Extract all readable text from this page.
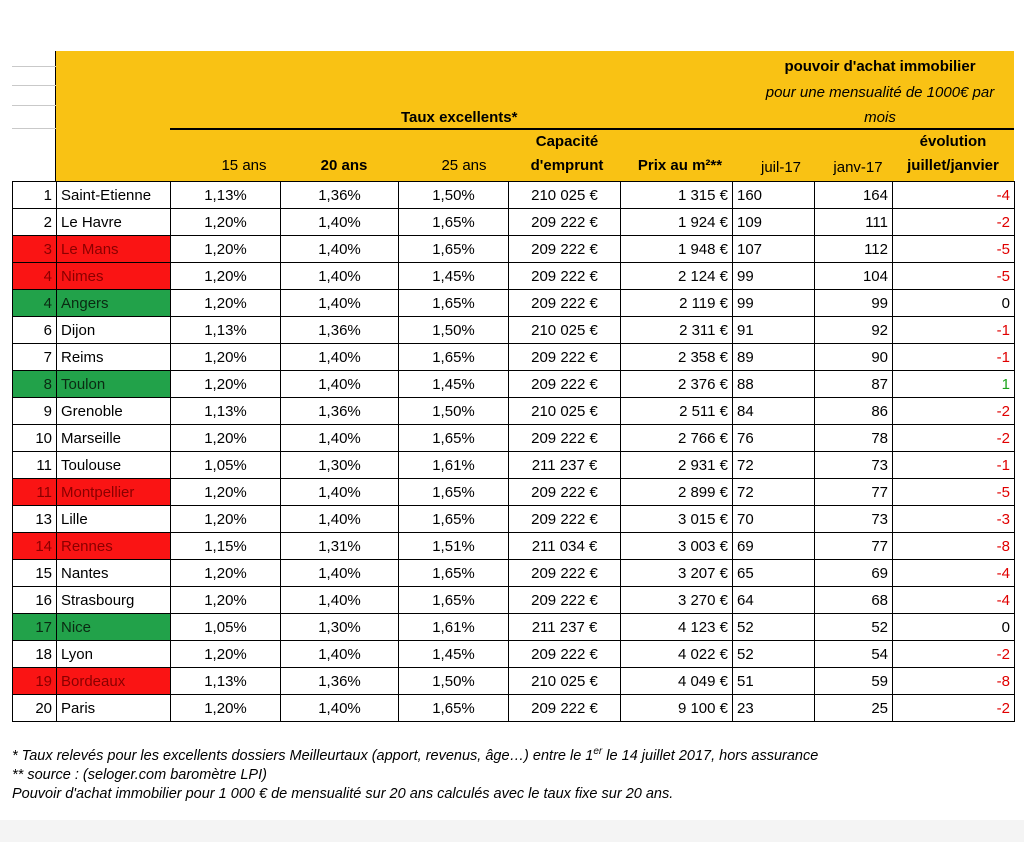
Taux excellents*
15 ans	20 ans	25 ans
Capacité
d'emprunt	Prix au m²**
pouvoir d'achat immobilier
pour une mensualité de 1000€ par
mois
juil-17	janv-17
évolution
juillet/janvier
1	Saint-Etienne	1,13%	1,36%	1,50%	210 025 €	1 315 €	160	164	-4
2	Le Havre	1,20%	1,40%	1,65%	209 222 €	1 924 €	109	111	-2
3	Le Mans	1,20%	1,40%	1,65%	209 222 €	1 948 €	107	112	-5
4	Nimes	1,20%	1,40%	1,45%	209 222 €	2 124 €	99	104	-5
4	Angers	1,20%	1,40%	1,65%	209 222 €	2 119 €	99	99	0
6	Dijon	1,13%	1,36%	1,50%	210 025 €	2 311 €	91	92	-1
7	Reims	1,20%	1,40%	1,65%	209 222 €	2 358 €	89	90	-1
8	Toulon	1,20%	1,40%	1,45%	209 222 €	2 376 €	88	87	1
9	Grenoble	1,13%	1,36%	1,50%	210 025 €	2 511 €	84	86	-2
10	Marseille	1,20%	1,40%	1,65%	209 222 €	2 766 €	76	78	-2
11	Toulouse	1,05%	1,30%	1,61%	211 237 €	2 931 €	72	73	-1
11	Montpellier	1,20%	1,40%	1,65%	209 222 €	2 899 €	72	77	-5
13	Lille	1,20%	1,40%	1,65%	209 222 €	3 015 €	70	73	-3
14	Rennes	1,15%	1,31%	1,51%	211 034 €	3 003 €	69	77	-8
15	Nantes	1,20%	1,40%	1,65%	209 222 €	3 207 €	65	69	-4
16	Strasbourg	1,20%	1,40%	1,65%	209 222 €	3 270 €	64	68	-4
17	Nice	1,05%	1,30%	1,61%	211 237 €	4 123 €	52	52	0
18	Lyon	1,20%	1,40%	1,45%	209 222 €	4 022 €	52	54	-2
19	Bordeaux	1,13%	1,36%	1,50%	210 025 €	4 049 €	51	59	-8
20	Paris	1,20%	1,40%	1,65%	209 222 €	9 100 €	23	25	-2
* Taux relevés pour les excellents dossiers Meilleurtaux (apport, revenus, âge…) entre le 1er le 14 juillet 2017, hors assurance
** source : (seloger.com baromètre LPI)
Pouvoir d'achat immobilier pour 1 000 € de mensualité sur 20 ans calculés avec le taux fixe sur 20 ans.
